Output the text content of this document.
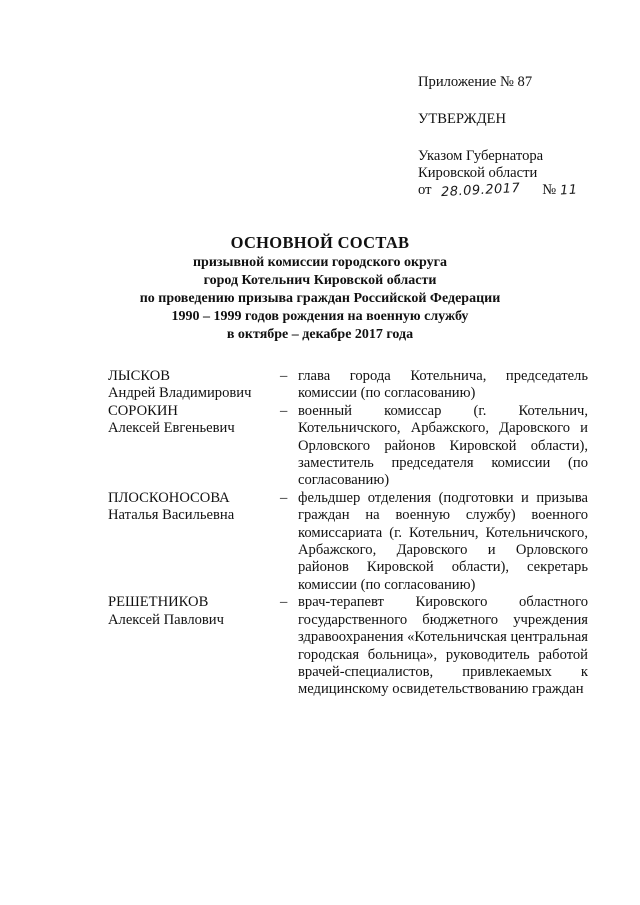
Приложение № 87
УТВЕРЖДЕН
Указом Губернатора
Кировской области
от 28.09.2017 № 11
ОСНОВНОЙ СОСТАВ
призывной комиссии городского округа
город Котельнич Кировской области
по проведению призыва граждан Российской Федерации
1990 – 1999 годов рождения на военную службу
в октябре – декабре 2017 года
ЛЫСКОВ
Андрей Владимирович
– глава города Котельнича, председатель комиссии (по согласованию)
СОРОКИН
Алексей Евгеньевич
– военный комиссар (г. Котельнич, Котельничского, Арбажского, Даровского и Орловского районов Кировской области), заместитель председателя комиссии (по согласованию)
ПЛОСКОНОСОВА
Наталья Васильевна
– фельдшер отделения (подготовки и призыва граждан на военную службу) военного комиссариата (г. Котельнич, Котельничского, Арбажского, Даровского и Орловского районов Кировской области), секретарь комиссии (по согласованию)
РЕШЕТНИКОВ
Алексей Павлович
– врач-терапевт Кировского областного государственного бюджетного учреждения здравоохранения «Котельничская центральная городская больница», руководитель работой врачей-специалистов, привлекаемых к медицинскому освидетельствованию граждан
